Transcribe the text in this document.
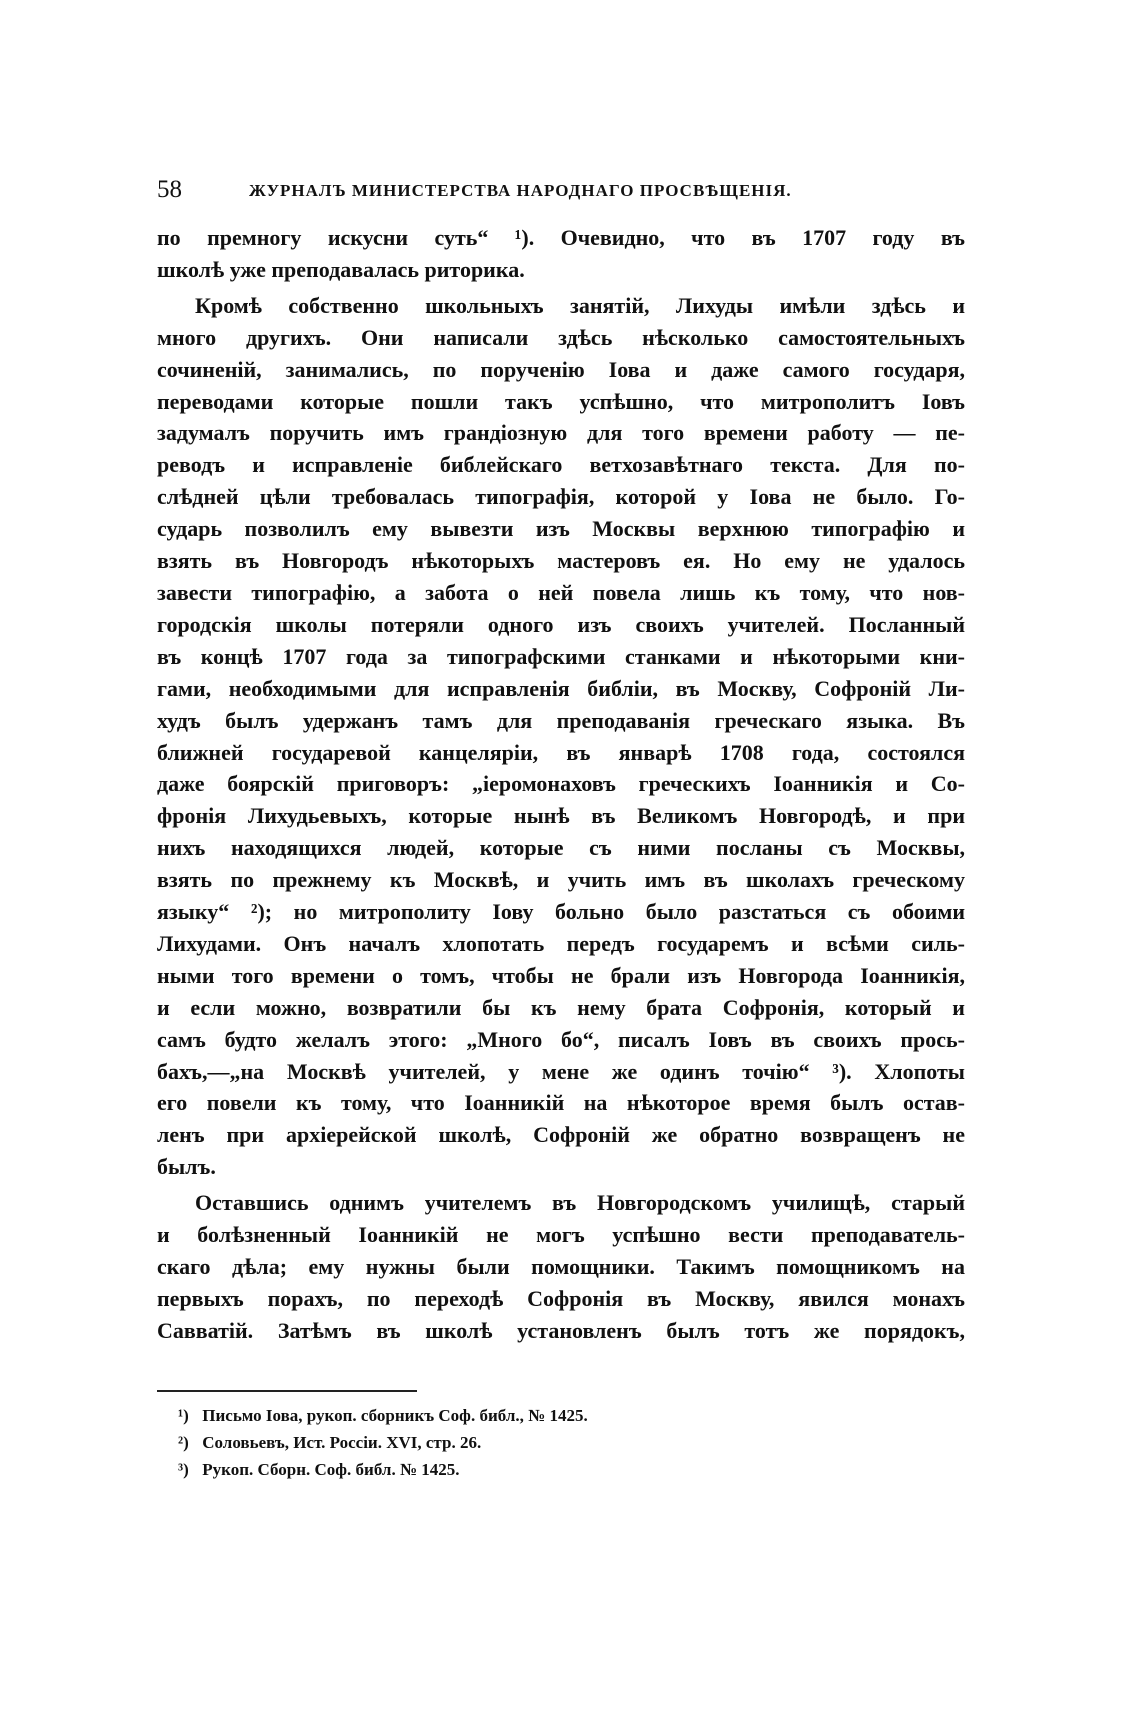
58	ЖУРНАЛЪ МИНИСТЕРСТВА НАРОДНАГО ПРОСВѢЩЕНІЯ.
по премногу искусни суть“ ¹). Очевидно, что въ 1707 году въ
школѣ уже преподавалась риторика.
Кромѣ собственно школьныхъ занятій, Лихуды имѣли здѣсь и
много другихъ. Они написали здѣсь нѣсколько самостоятельныхъ
сочиненій, занимались, по порученію Іова и даже самого государя,
переводами которые пошли такъ успѣшно, что митрополитъ Іовъ
задумалъ поручить имъ грандіозную для того времени работу — пе-
реводъ и исправленіе библейскаго ветхозавѣтнаго текста. Для по-
слѣдней цѣли требовалась типографія, которой у Іова не было. Го-
сударь позволилъ ему вывезти изъ Москвы верхнюю типографію и
взять въ Новгородъ нѣкоторыхъ мастеровъ ея. Но ему не удалось
завести типографію, а забота о ней повела лишь къ тому, что нов-
городскія школы потеряли одного изъ своихъ учителей. Посланный
въ концѣ 1707 года за типографскими станками и нѣкоторыми кни-
гами, необходимыми для исправленія библіи, въ Москву, Софроній Ли-
худъ былъ удержанъ тамъ для преподаванія греческаго языка. Въ
ближней государевой канцеляріи, въ январѣ 1708 года, состоялся
даже боярскій приговоръ: „іеромонаховъ греческихъ Іоанникія и Со-
фронія Лихудьевыхъ, которые нынѣ въ Великомъ Новгородѣ, и при
нихъ находящихся людей, которые съ ними посланы съ Москвы,
взять по прежнему къ Москвѣ, и учить имъ въ школахъ греческому
языку“ ²); но митрополиту Іову больно было разстаться съ обоими
Лихудами. Онъ началъ хлопотать передъ государемъ и всѣми силь-
ными того времени о томъ, чтобы не брали изъ Новгорода Іоанникія,
и если можно, возвратили бы къ нему брата Софронія, который и
самъ будто желалъ этого: „Много бо“, писалъ Іовъ въ своихъ прось-
бахъ,—„на Москвѣ учителей, у мене же одинъ точію“ ³). Хлопоты
его повели къ тому, что Іоанникій на нѣкоторое время былъ остав-
ленъ при архіерейской школѣ, Софроній же обратно возвращенъ не
былъ.
Оставшись однимъ учителемъ въ Новгородскомъ училищѣ, старый
и болѣзненный Іоанникій не могъ успѣшно вести преподаватель-
скаго дѣла; ему нужны были помощники. Такимъ помощникомъ на
первыхъ порахъ, по переходѣ Софронія въ Москву, явился монахъ
Савватій. Затѣмъ въ школѣ установленъ былъ тотъ же порядокъ,
¹) Письмо Іова, рукоп. сборникъ Соф. библ., № 1425.
²) Соловьевъ, Ист. Россіи. XVI, стр. 26.
³) Рукоп. Сборн. Соф. библ. № 1425.
